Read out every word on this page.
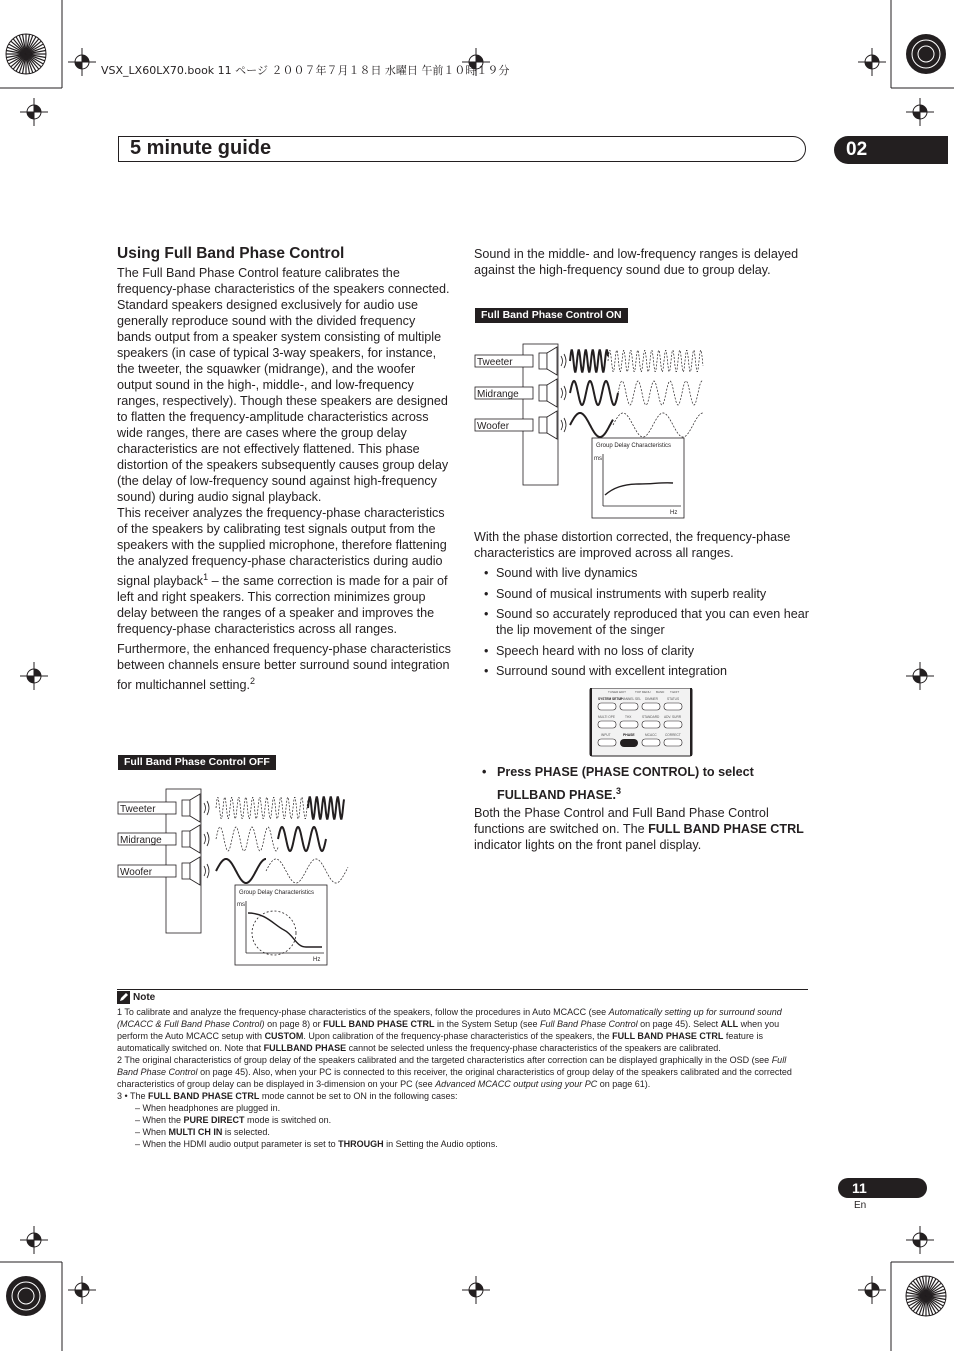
VSX_LX60LX70.book 11 ページ ２００７年７月１８日 水曜日 午前１０時１９分
5 minute guide	02
Using Full Band Phase Control

The Full Band Phase Control feature calibrates the frequency-phase characteristics of the speakers connected.

Standard speakers designed exclusively for audio use generally reproduce sound with the divided frequency bands output from a speaker system consisting of multiple speakers (in case of typical 3-way speakers, for instance, the tweeter, the squawker (midrange), and the woofer output sound in the high-, middle-, and low-frequency ranges, respectively). Though these speakers are designed to flatten the frequency-amplitude characteristics across wide ranges, there are cases where the group delay characteristics are not effectively flattened. This phase distortion of the speakers subsequently causes group delay (the delay of low-frequency sound against high-frequency sound) during audio signal playback.

This receiver analyzes the frequency-phase characteristics of the speakers by calibrating test signals output from the speakers with the supplied microphone, therefore flattening the analyzed frequency-phase characteristics during audio signal playback$^1$ – the same correction is made for a pair of left and right speakers. This correction minimizes group delay between the ranges of a speaker and improves the frequency-phase characteristics across all ranges.

Furthermore, the enhanced frequency-phase characteristics between channels ensure better surround sound integration for multichannel setting.$^2$

Full Band Phase Control OFF
Tweeter
Midrange
Woofer
Group Delay Characteristics
ms
Hz
Sound in the middle- and low-frequency ranges is delayed against the high-frequency sound due to group delay.
Full Band Phase Control ON
Tweeter
Midrange
Woofer
Group Delay Characteristics
ms
Hz
With the phase distortion corrected, the frequency-phase characteristics are improved across all ranges.
• Sound with live dynamics
• Sound of musical instruments with superb reality
• Sound so accurately reproduced that you can even hear the lip movement of the singer
• Speech heard with no loss of clarity
• Surround sound with excellent integration
TUNER EDIT	TOP MENU BAND T.EDIT
SYSTEM SETUP
CHANNEL SEL DIMMER	STATUS
MULTI OPE	THX	STANDARD ADV. SURR
INPUT	PHASE	MCACC	CORRECT
• Press PHASE (PHASE CONTROL) to select FULLBAND PHASE.$^3$
Both the Phase Control and Full Band Phase Control functions are switched on. The FULL BAND PHASE CTRL indicator lights on the front panel display.
Note

1 To calibrate and analyze the frequency-phase characteristics of the speakers, follow the procedures in Auto MCACC (see Automatically setting up for surround sound (MCACC & Full Band Phase Control) on page 8) or FULL BAND PHASE CTRL in the System Setup (see Full Band Phase Control on page 45). Select ALL when you perform the Auto MCACC setup with CUSTOM. Upon calibration of the frequency-phase characteristics of the speakers, the FULL BAND PHASE CTRL feature is automatically switched on. Note that FULLBAND PHASE cannot be selected unless the frequency-phase characteristics of the speakers are calibrated.

2 The original characteristics of group delay of the speakers calibrated and the targeted characteristics after correction can be displayed graphically in the OSD (see Full Band Phase Control on page 45). Also, when your PC is connected to this receiver, the original characteristics of group delay of the speakers calibrated and the corrected characteristics of group delay can be displayed in 3-dimension on your PC (see Advanced MCACC output using your PC on page 61).

3 • The FULL BAND PHASE CTRL mode cannot be set to ON in the following cases:

– When headphones are plugged in.

– When the PURE DIRECT mode is switched on.

– When MULTI CH IN is selected.

– When the HDMI audio output parameter is set to THROUGH in Setting the Audio options.

11
En
